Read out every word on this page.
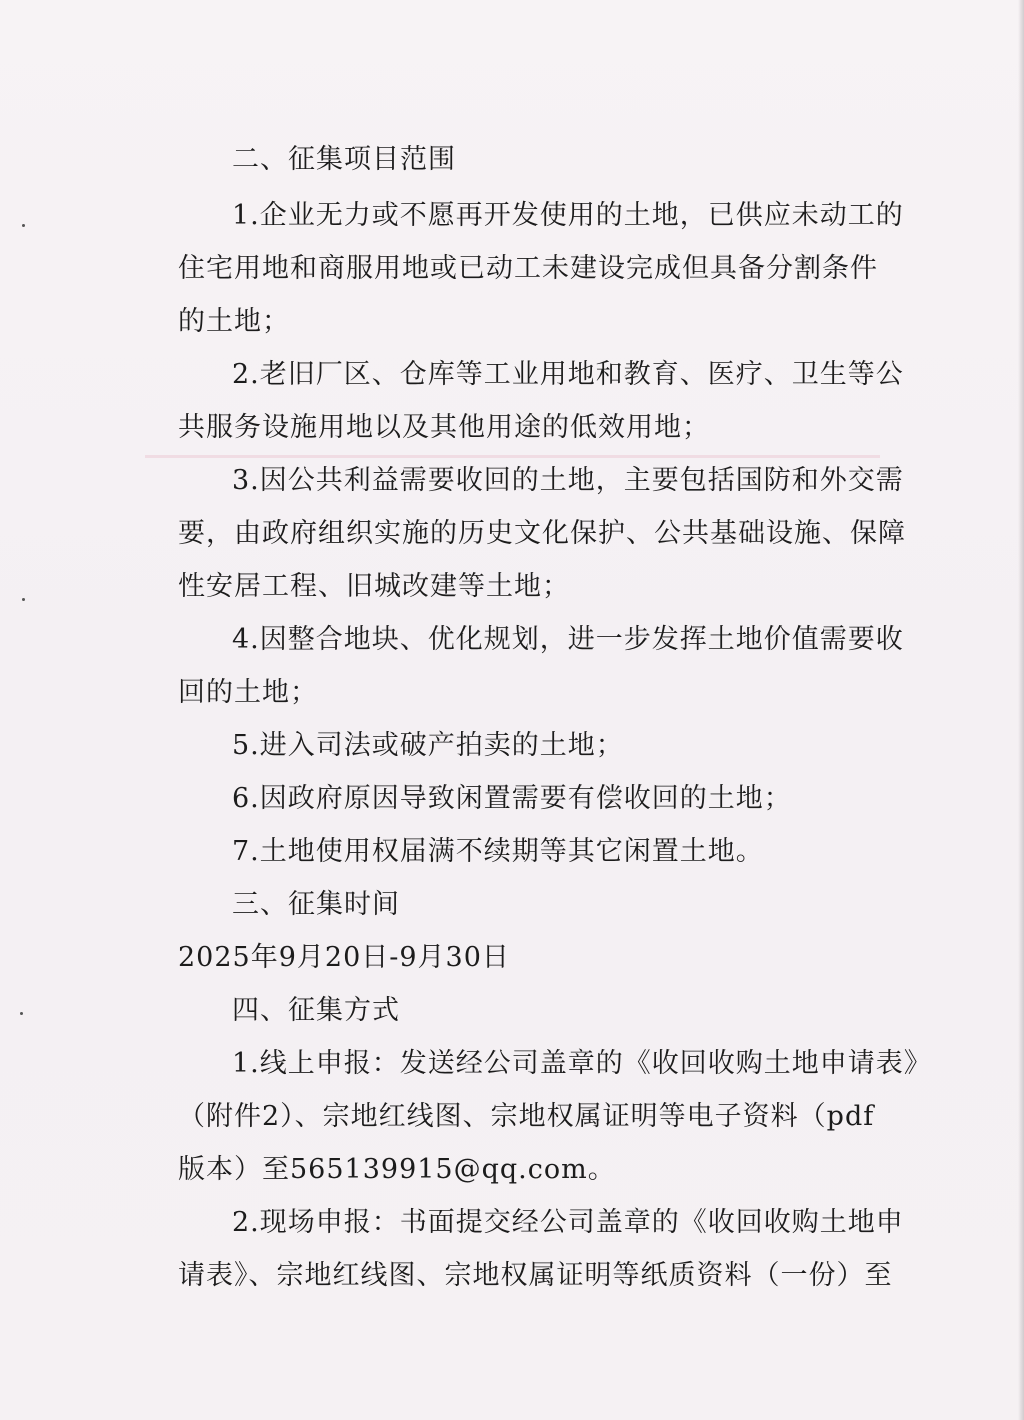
二、征集项目范围
1.企业无力或不愿再开发使用的土地，已供应未动工的
住宅用地和商服用地或已动工未建设完成但具备分割条件
的土地；
2.老旧厂区、仓库等工业用地和教育、医疗、卫生等公
共服务设施用地以及其他用途的低效用地；
3.因公共利益需要收回的土地，主要包括国防和外交需
要，由政府组织实施的历史文化保护、公共基础设施、保障
性安居工程、旧城改建等土地；
4.因整合地块、优化规划，进一步发挥土地价值需要收
回的土地；
5.进入司法或破产拍卖的土地；
6.因政府原因导致闲置需要有偿收回的土地；
7.土地使用权届满不续期等其它闲置土地。
三、征集时间
2025年9月20日-9月30日
四、征集方式
1.线上申报：发送经公司盖章的《收回收购土地申请表》
（附件2）、宗地红线图、宗地权属证明等电子资料（pdf
版本）至565139915@qq.com。
2.现场申报：书面提交经公司盖章的《收回收购土地申
请表》、宗地红线图、宗地权属证明等纸质资料（一份）至
